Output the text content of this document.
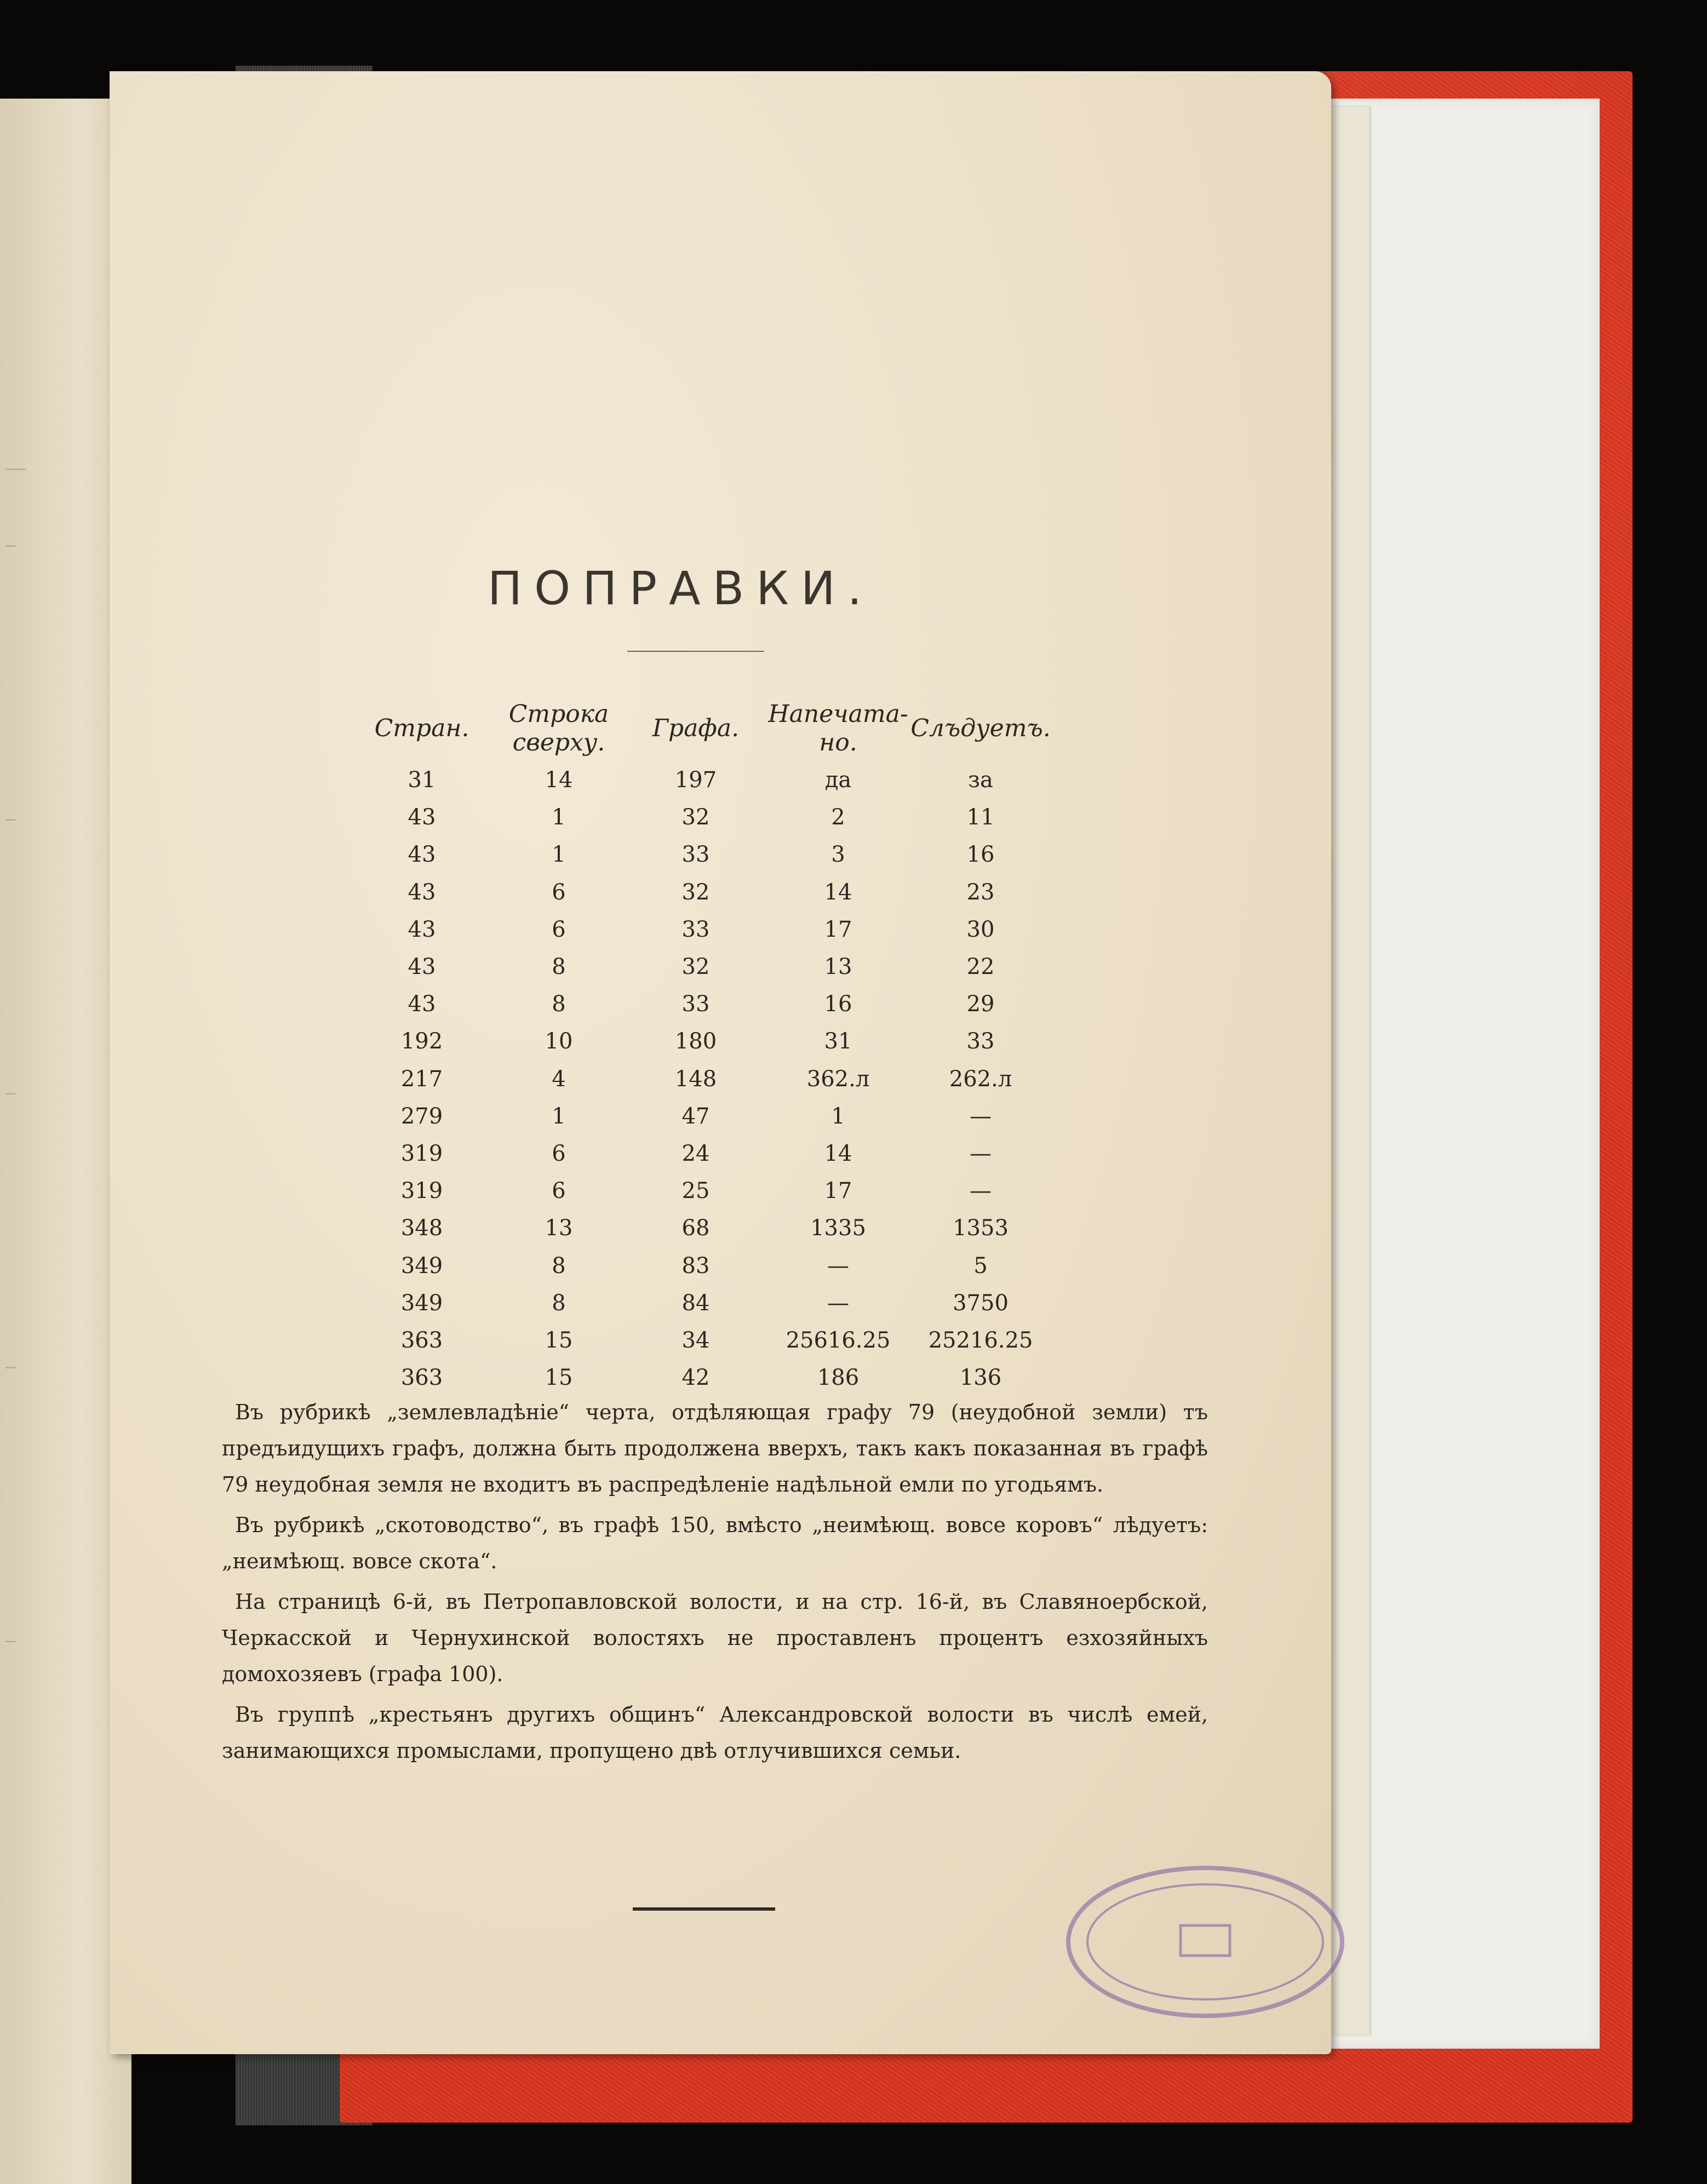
──
─
─
─
─
─
ПОПРАВКИ.
Стран.	Строка сверху.	Графа.	Напечата-но.	Слъдуетъ.
31	14	197	да	за
43	1	32	2	11
43	1	33	3	16
43	6	32	14	23
43	6	33	17	30
43	8	32	13	22
43	8	33	16	29
192	10	180	31	33
217	4	148	362.л	262.л
279	1	47	1	—
319	6	24	14	—
319	6	25	17	—
348	13	68	1335	1353
349	8	83	—	5
349	8	84	—	3750
363	15	34	25616.25	25216.25
363	15	42	186	136

Въ рубрикѣ „землевладѣніе“ черта, отдѣляющая графу 79 (неудобной земли) тъ предъидущихъ графъ, должна быть продолжена вверхъ, такъ какъ показанная въ графѣ 79 неудобная земля не входитъ въ распредѣленіе надѣльной емли по угодьямъ.

Въ рубрикѣ „скотоводство“, въ графѣ 150, вмѣсто „неимѣющ. вовсе коровъ“ лѣдуетъ: „неимѣющ. вовсе скота“.

На страницѣ 6-й, въ Петропавловской волости, и на стр. 16-й, въ Славяноербской, Черкасской и Чернухинской волостяхъ не проставленъ процентъ езхозяйныхъ домохозяевъ (графа 100).

Въ группѣ „крестьянъ другихъ общинъ“ Александровской волости въ числѣ емей, занимающихся промыслами, пропущено двѣ отлучившихся семьи.
